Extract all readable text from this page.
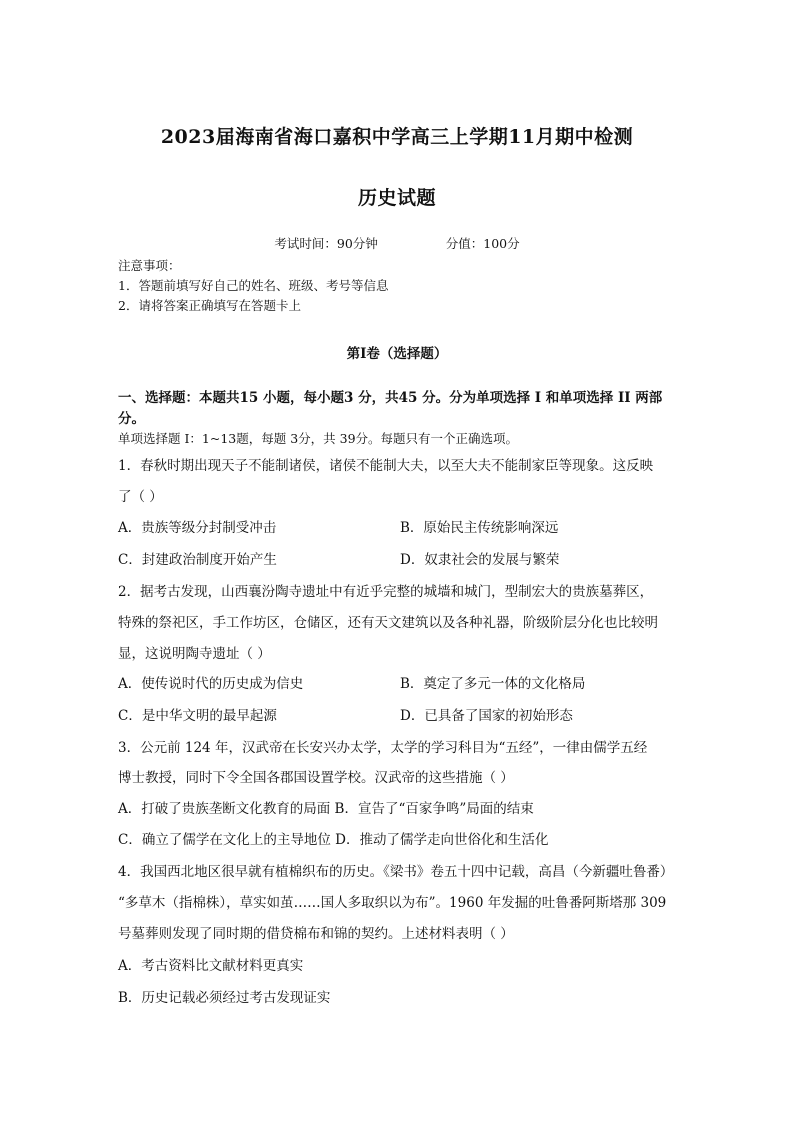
2023届海南省海口嘉积中学高三上学期11月期中检测
历史试题
考试时间：90分钟	分值：100分
注意事项：
1．答题前填写好自己的姓名、班级、考号等信息
2．请将答案正确填写在答题卡上
第I卷（选择题）
一、选择题：本题共15 小题，每小题3 分，共45 分。分为单项选择 I 和单项选择 II 两部
分。
单项选择题 I：1~13题，每题 3分，共 39分。每题只有一个正确选项。
1．春秋时期出现天子不能制诸侯，诸侯不能制大夫，以至大夫不能制家臣等现象。这反映
了（ ）
A．贵族等级分封制受冲击	B．原始民主传统影响深远
C．封建政治制度开始产生	D．奴隶社会的发展与繁荣
2．据考古发现，山西襄汾陶寺遗址中有近乎完整的城墙和城门，型制宏大的贵族墓葬区，
特殊的祭祀区，手工作坊区，仓储区，还有天文建筑以及各种礼器，阶级阶层分化也比较明
显，这说明陶寺遗址（ ）
A．使传说时代的历史成为信史	B．奠定了多元一体的文化格局
C．是中华文明的最早起源	D．已具备了国家的初始形态
3．公元前 124 年，汉武帝在长安兴办太学，太学的学习科目为“五经”，一律由儒学五经
博士教授，同时下令全国各郡国设置学校。汉武帝的这些措施（ ）
A．打破了贵族垄断文化教育的局面 B．宣告了“百家争鸣”局面的结束
C．确立了儒学在文化上的主导地位 D．推动了儒学走向世俗化和生活化
4．我国西北地区很早就有植棉织布的历史。《梁书》卷五十四中记载，高昌（今新疆吐鲁番）
“多草木（指棉株），草实如茧……国人多取织以为布”。1960 年发掘的吐鲁番阿斯塔那 309
号墓葬则发现了同时期的借贷棉布和锦的契约。上述材料表明（ ）
A．考古资料比文献材料更真实
B．历史记载必须经过考古发现证实
